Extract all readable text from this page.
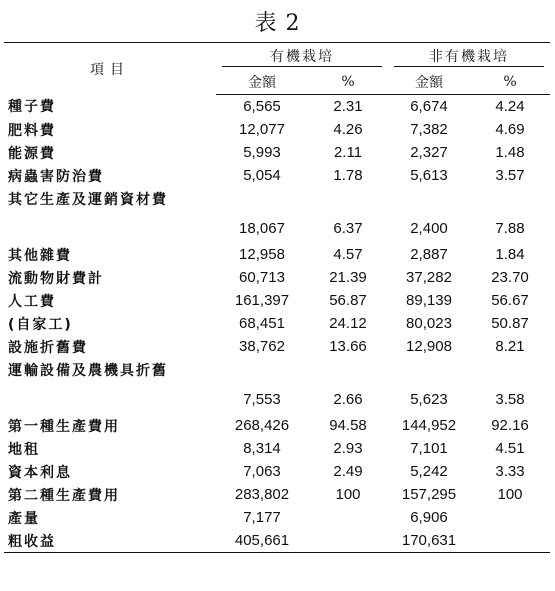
表 2
項目	有機栽培		非有機栽培	

	金額	%	金額	%
種子費	6,565	2.31	6,674	4.24
肥料費	12,077	4.26	7,382	4.69
能源費	5,993	2.11	2,327	1.48
病蟲害防治費	5,054	1.78	5,613	3.57
其它生產及運銷資材費	18,067	6.37	2,400	7.88
其他雜費	12,958	4.57	2,887	1.84
流動物財費計	60,713	21.39	37,282	23.70
人工費	161,397	56.87	89,139	56.67
(自家工)	68,451	24.12	80,023	50.87
設施折舊費	38,762	13.66	12,908	8.21
運輸設備及農機具折舊	7,553	2.66	5,623	3.58
第一種生產費用	268,426	94.58	144,952	92.16
地租	8,314	2.93	7,101	4.51
資本利息	7,063	2.49	5,242	3.33
第二種生產費用	283,802	100	157,295	100
產量	7,177		6,906	
粗收益	405,661		170,631	
